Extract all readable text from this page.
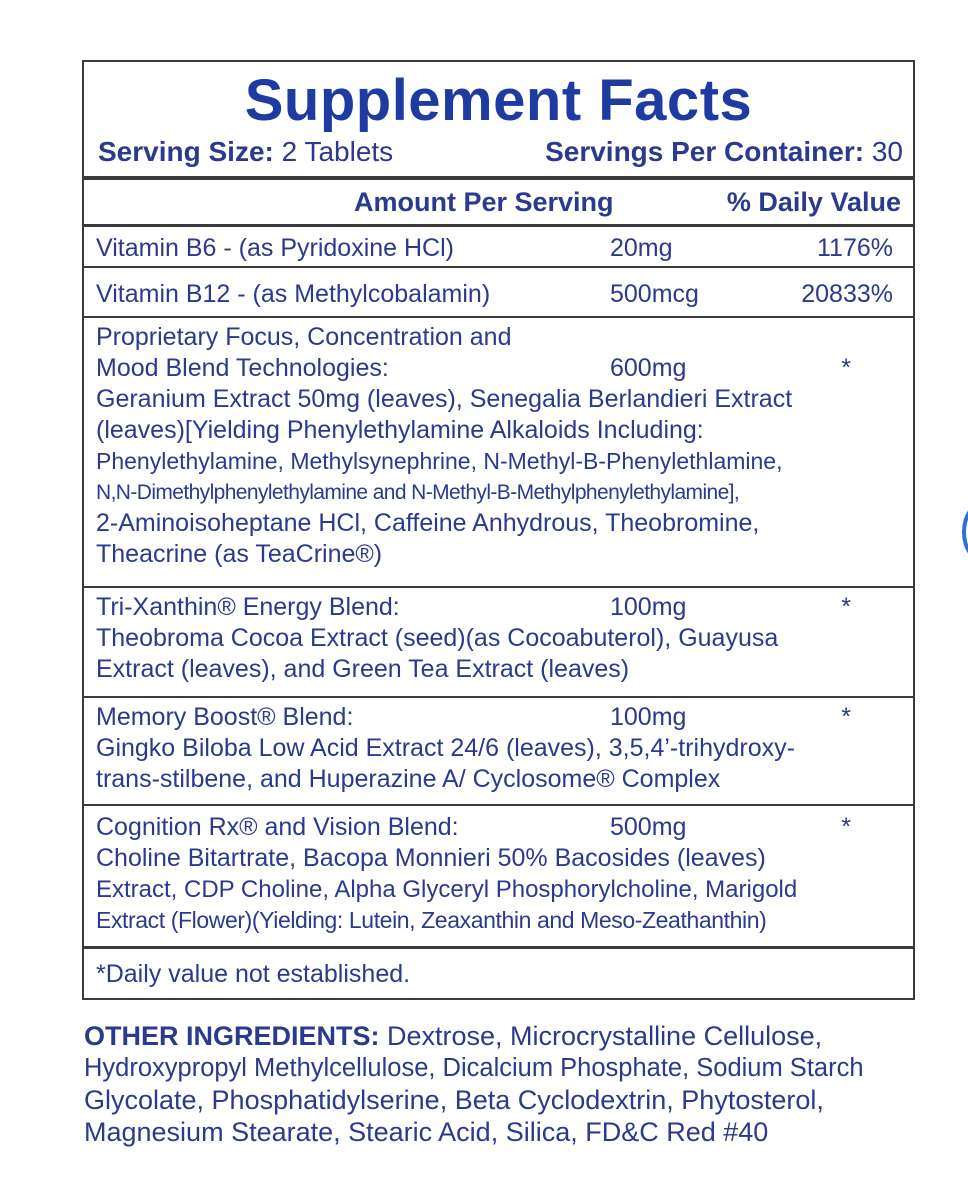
Supplement Facts
Serving Size: 2 Tablets	Servings Per Container: 30
Amount Per Serving	% Daily Value
Vitamin B6 - (as Pyridoxine HCl)	20mg	1176%
Vitamin B12 - (as Methylcobalamin)	500mcg	20833%
Proprietary Focus, Concentration and
Mood Blend Technologies:	600mg	*
Geranium Extract 50mg (leaves), Senegalia Berlandieri Extract
(leaves)[Yielding Phenylethylamine Alkaloids Including:
Phenylethylamine, Methylsynephrine, N-Methyl-B-Phenylethlamine,
N,N-Dimethylphenylethylamine and N-Methyl-B-Methylphenylethylamine],
2-Aminoisoheptane HCl, Caffeine Anhydrous, Theobromine,
Theacrine (as TeaCrine®)
Tri-Xanthin® Energy Blend:	100mg	*
Theobroma Cocoa Extract (seed)(as Cocoabuterol), Guayusa
Extract (leaves), and Green Tea Extract (leaves)
Memory Boost® Blend:	100mg	*
Gingko Biloba Low Acid Extract 24/6 (leaves), 3,5,4’-trihydroxy-
trans-stilbene, and Huperazine A/ Cyclosome® Complex
Cognition Rx® and Vision Blend:	500mg	*
Choline Bitartrate, Bacopa Monnieri 50% Bacosides (leaves)
Extract, CDP Choline, Alpha Glyceryl Phosphorylcholine, Marigold
Extract (Flower)(Yielding: Lutein, Zeaxanthin and Meso-Zeathanthin)
*Daily value not established.
OTHER INGREDIENTS: Dextrose, Microcrystalline Cellulose,
Hydroxypropyl Methylcellulose, Dicalcium Phosphate, Sodium Starch
Glycolate, Phosphatidylserine, Beta Cyclodextrin, Phytosterol,
Magnesium Stearate, Stearic Acid, Silica, FD&C Red #40
